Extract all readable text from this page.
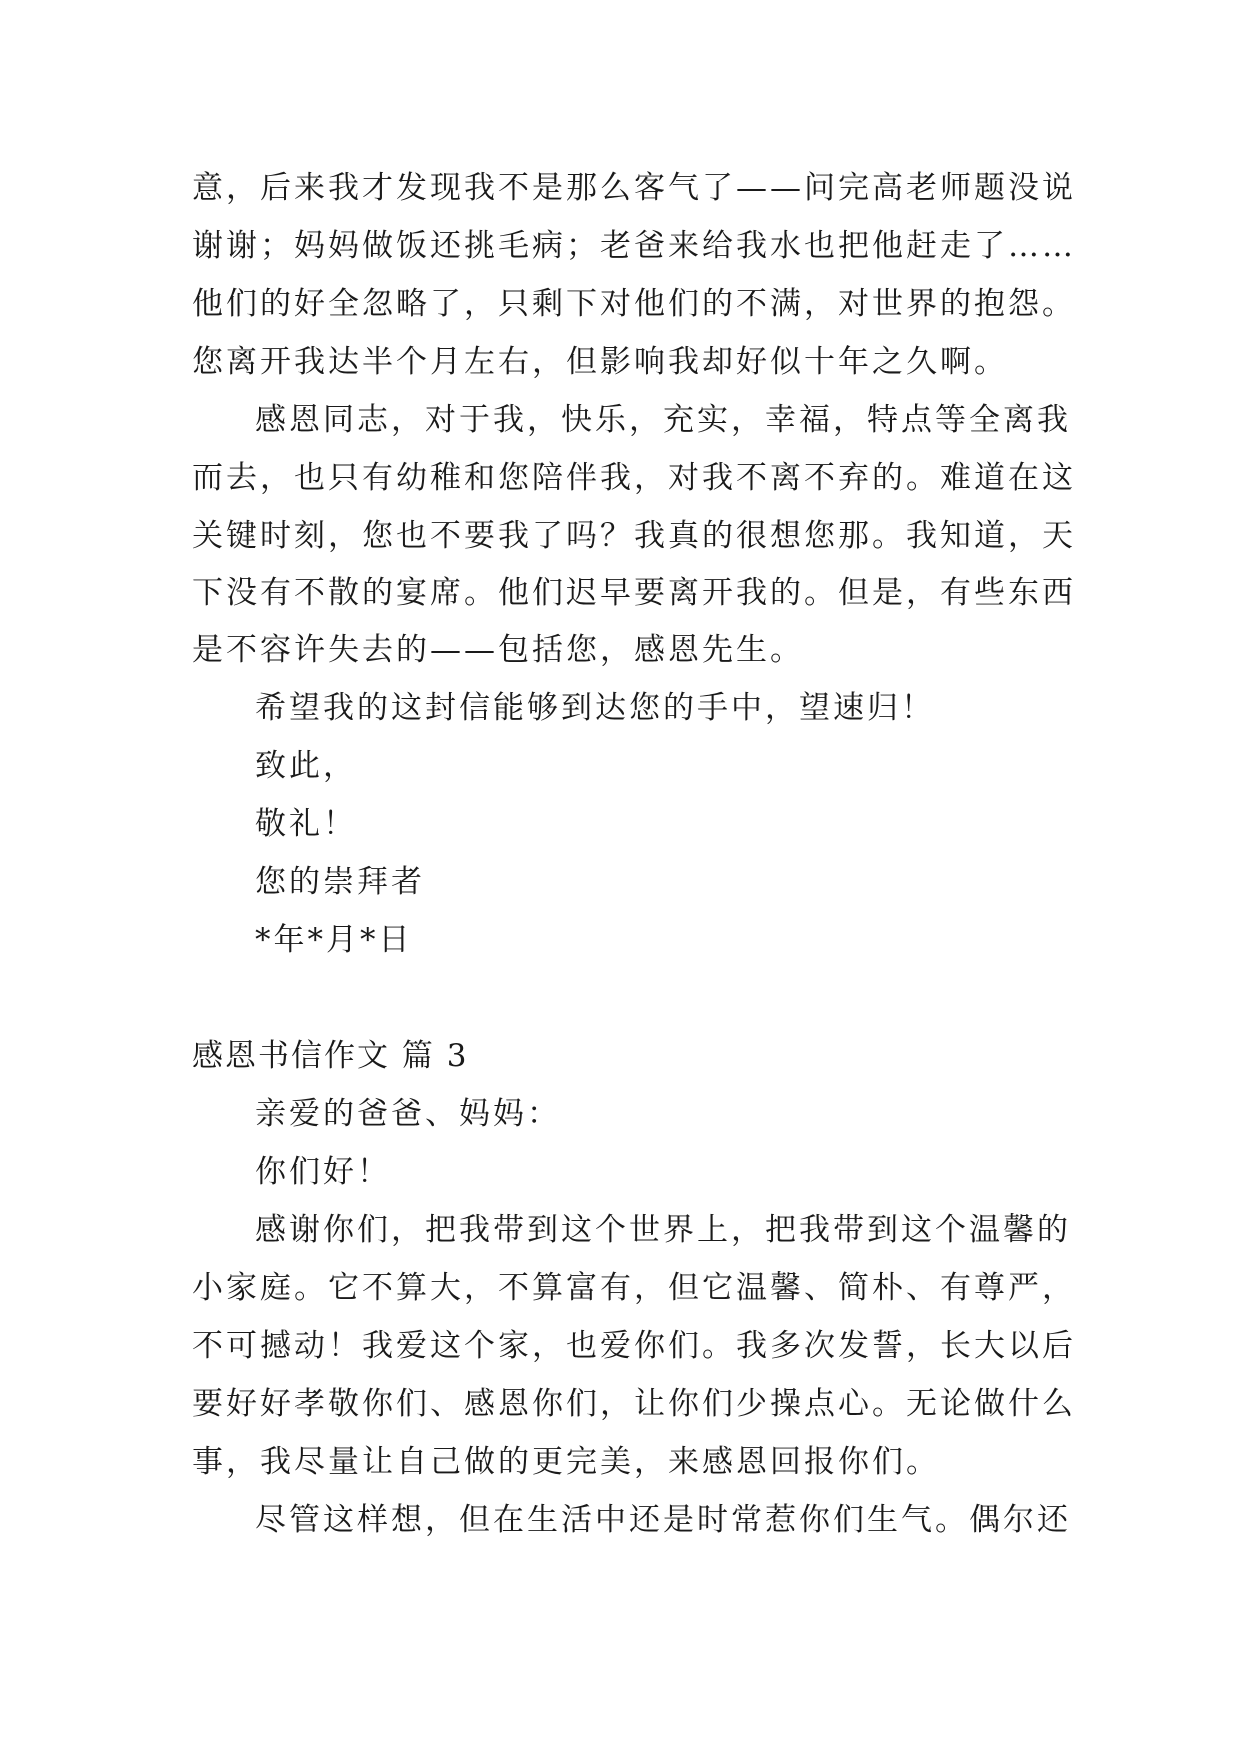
意，后来我才发现我不是那么客气了——问完高老师题没说
谢谢；妈妈做饭还挑毛病；老爸来给我水也把他赶走了……
他们的好全忽略了，只剩下对他们的不满，对世界的抱怨。
您离开我达半个月左右，但影响我却好似十年之久啊。
感恩同志，对于我，快乐，充实，幸福，特点等全离我
而去，也只有幼稚和您陪伴我，对我不离不弃的。难道在这
关键时刻，您也不要我了吗？我真的很想您那。我知道，天
下没有不散的宴席。他们迟早要离开我的。但是，有些东西
是不容许失去的——包括您，感恩先生。
希望我的这封信能够到达您的手中，望速归！
致此，
敬礼！
您的崇拜者
*年*月*日
感恩书信作文 篇 3
亲爱的爸爸、妈妈：
你们好！
感谢你们，把我带到这个世界上，把我带到这个温馨的
小家庭。它不算大，不算富有，但它温馨、简朴、有尊严，
不可撼动！我爱这个家，也爱你们。我多次发誓，长大以后
要好好孝敬你们、感恩你们，让你们少操点心。无论做什么
事，我尽量让自己做的更完美，来感恩回报你们。
尽管这样想，但在生活中还是时常惹你们生气。偶尔还
